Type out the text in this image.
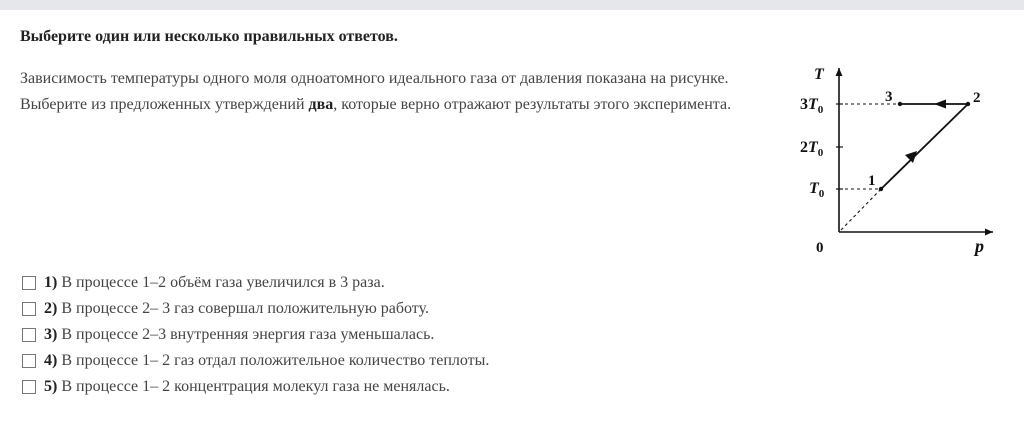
Выберите один или несколько правильных ответов.

Зависимость температуры одного моля одноатомного идеального газа от давления показана на рисунке.

Выберите из предложенных утверждений два, которые верно отражают результаты этого эксперимента.

T
p
0
$3T_0$
$2T_0$
$T_0$
1
2
3
1) В процессе 1–2 объём газа увеличился в 3 раза.
2) В процессе 2– 3 газ совершал положительную работу.
3) В процессе 2–3 внутренняя энергия газа уменьшалась.
4) В процессе 1– 2 газ отдал положительное количество теплоты.
5) В процессе 1– 2 концентрация молекул газа не менялась.
